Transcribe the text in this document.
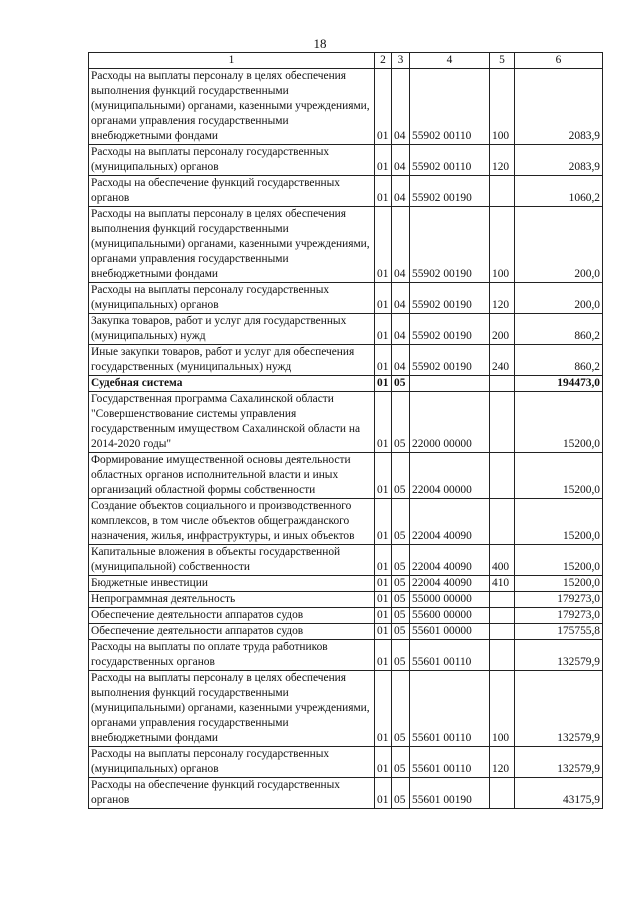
18
1	2	3	4	5	6
Расходы на выплаты персоналу в целях обеспечения выполнения функций государственными (муниципальными) органами, казенными учреждениями, органами управления государственными внебюджетными фондами	01	04	55902 00110	100	2083,9
Расходы на выплаты персоналу государственных (муниципальных) органов	01	04	55902 00110	120	2083,9
Расходы на обеспечение функций государственных органов	01	04	55902 00190		1060,2
Расходы на выплаты персоналу в целях обеспечения выполнения функций государственными (муниципальными) органами, казенными учреждениями, органами управления государственными внебюджетными фондами	01	04	55902 00190	100	200,0
Расходы на выплаты персоналу государственных (муниципальных) органов	01	04	55902 00190	120	200,0
Закупка товаров, работ и услуг для государственных (муниципальных) нужд	01	04	55902 00190	200	860,2
Иные закупки товаров, работ и услуг для обеспечения государственных (муниципальных) нужд	01	04	55902 00190	240	860,2
Судебная система	01	05			194473,0
Государственная программа Сахалинской области "Совершенствование системы управления государственным имуществом Сахалинской области на 2014-2020 годы"	01	05	22000 00000		15200,0
Формирование имущественной основы деятельности областных органов исполнительной власти и иных организаций областной формы собственности	01	05	22004 00000		15200,0
Создание объектов социального и производственного комплексов, в том числе объектов общегражданского назначения, жилья, инфраструктуры, и иных объектов	01	05	22004 40090		15200,0
Капитальные вложения в объекты государственной (муниципальной) собственности	01	05	22004 40090	400	15200,0
Бюджетные инвестиции	01	05	22004 40090	410	15200,0
Непрограммная деятельность	01	05	55000 00000		179273,0
Обеспечение деятельности аппаратов судов	01	05	55600 00000		179273,0
Обеспечение деятельности аппаратов судов	01	05	55601 00000		175755,8
Расходы на выплаты по оплате труда работников государственных органов	01	05	55601 00110		132579,9
Расходы на выплаты персоналу в целях обеспечения выполнения функций государственными (муниципальными) органами, казенными учреждениями, органами управления государственными внебюджетными фондами	01	05	55601 00110	100	132579,9
Расходы на выплаты персоналу государственных (муниципальных) органов	01	05	55601 00110	120	132579,9
Расходы на обеспечение функций государственных органов	01	05	55601 00190		43175,9
